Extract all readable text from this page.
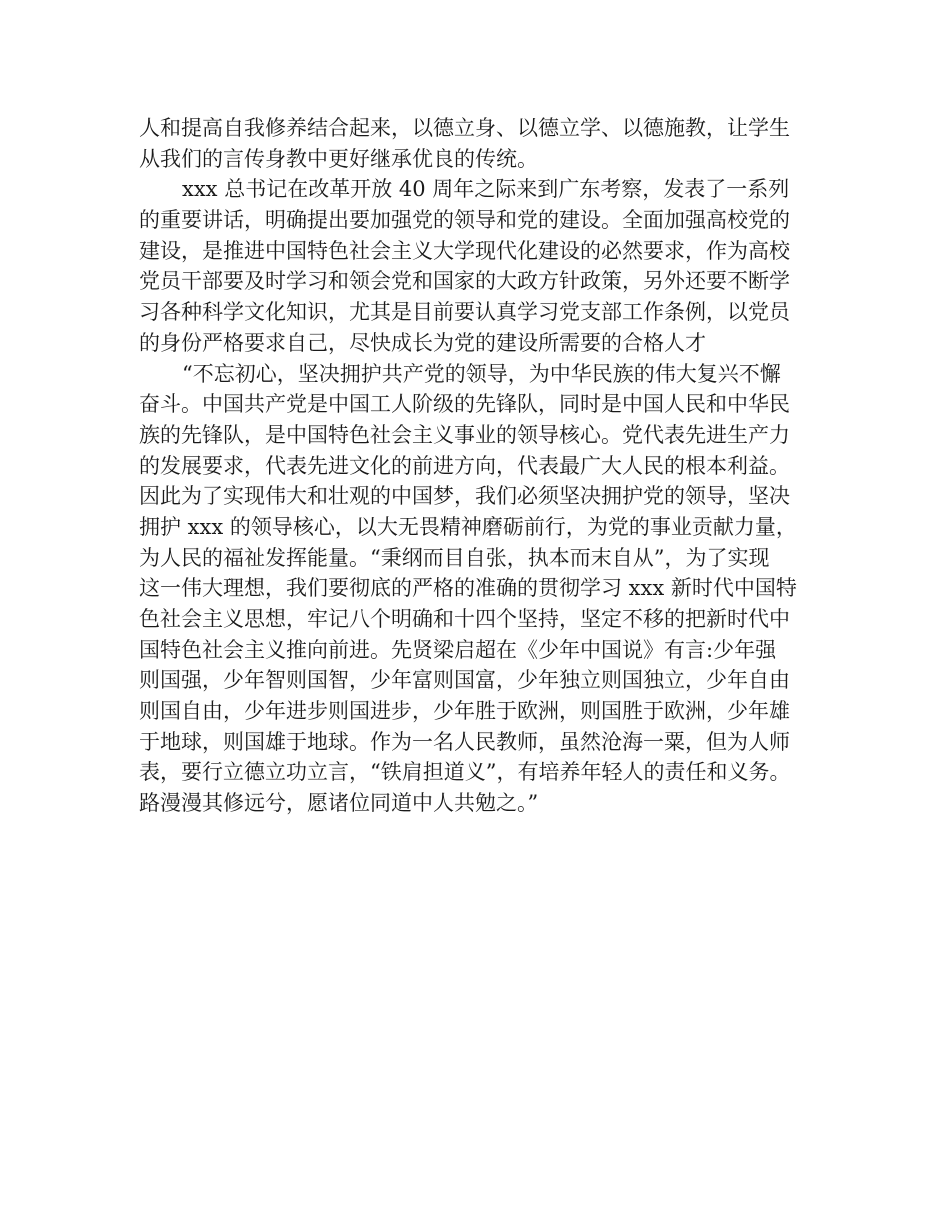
人和提高自我修养结合起来，以德立身、以德立学、以德施教，让学生
从我们的言传身教中更好继承优良的传统。
xxx 总书记在改革开放 40 周年之际来到广东考察，发表了一系列
的重要讲话，明确提出要加强党的领导和党的建设。全面加强高校党的
建设，是推进中国特色社会主义大学现代化建设的必然要求，作为高校
党员干部要及时学习和领会党和国家的大政方针政策，另外还要不断学
习各种科学文化知识，尤其是目前要认真学习党支部工作条例，以党员
的身份严格要求自己，尽快成长为党的建设所需要的合格人才
“不忘初心，坚决拥护共产党的领导，为中华民族的伟大复兴不懈
奋斗。中国共产党是中国工人阶级的先锋队，同时是中国人民和中华民
族的先锋队，是中国特色社会主义事业的领导核心。党代表先进生产力
的发展要求，代表先进文化的前进方向，代表最广大人民的根本利益。
因此为了实现伟大和壮观的中国梦，我们必须坚决拥护党的领导，坚决
拥护 xxx 的领导核心，以大无畏精神磨砺前行，为党的事业贡献力量，
为人民的福祉发挥能量。“秉纲而目自张，执本而末自从”，为了实现
这一伟大理想，我们要彻底的严格的准确的贯彻学习 xxx 新时代中国特
色社会主义思想，牢记八个明确和十四个坚持，坚定不移的把新时代中
国特色社会主义推向前进。先贤梁启超在《少年中国说》有言:少年强
则国强，少年智则国智，少年富则国富，少年独立则国独立，少年自由
则国自由，少年进步则国进步，少年胜于欧洲，则国胜于欧洲，少年雄
于地球，则国雄于地球。作为一名人民教师，虽然沧海一粟，但为人师
表，要行立德立功立言，“铁肩担道义”，有培养年轻人的责任和义务。
路漫漫其修远兮，愿诸位同道中人共勉之。”
